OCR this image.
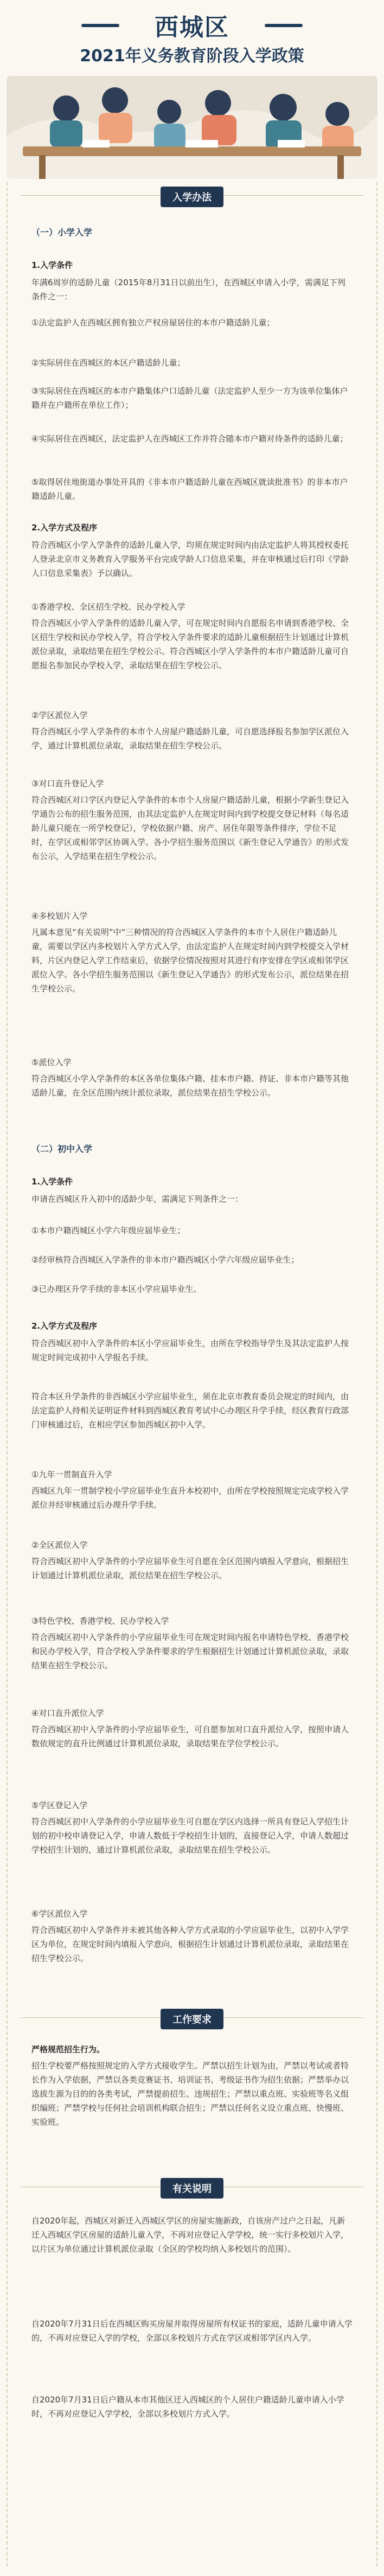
西城区
2021年义务教育阶段入学政策
入学办法
（一）小学入学
1.入学条件
年满6周岁的适龄儿童（2015年8月31日以前出生），在西城区申请入小学，需满足下列条件之一：
①法定监护人在西城区拥有独立产权房屋居住的本市户籍适龄儿童；
②实际居住在西城区的本区户籍适龄儿童；
③实际居住在西城区的本市户籍集体户口适龄儿童（法定监护人至少一方为该单位集体户籍并在户籍所在单位工作）；
④实际居住在西城区，法定监护人在西城区工作并符合随本市户籍对待条件的适龄儿童；
⑤取得居住地街道办事处开具的《非本市户籍适龄儿童在西城区就读批准书》的非本市户籍适龄儿童。
2.入学方式及程序
符合西城区小学入学条件的适龄儿童入学，均须在规定时间内由法定监护人将其授权委托人登录北京市义务教育入学服务平台完成学龄人口信息采集，并在审核通过后打印《学龄人口信息采集表》予以确认。
①香港学校、全区招生学校、民办学校入学
符合西城区小学入学条件的适龄儿童入学，可在规定时间内自愿报名申请到香港学校、全区招生学校和民办学校入学，符合学校入学条件要求的适龄儿童根据招生计划通过计算机派位录取，录取结果在招生学校公示。符合西城区小学入学条件的本市户籍适龄儿童可自愿报名参加民办学校入学，录取结果在招生学校公示。
②学区派位入学
符合西城区小学入学条件的本市个人房屋户籍适龄儿童，可自愿选择报名参加学区派位入学，通过计算机派位录取，录取结果在招生学校公示。
③对口直升登记入学
符合西城区对口学区内登记入学条件的本市个人房屋户籍适龄儿童，根据小学新生登记入学通告公布的招生服务范围，由其法定监护人在规定时间内到学校提交登记材料（每名适龄儿童只能在一所学校登记），学校依据户籍、房产、居住年限等条件排序，学位不足时，在学区或相邻学区协调入学。各小学招生服务范围以《新生登记入学通告》的形式发布公示，入学结果在招生学校公示。
④多校划片入学
凡属本意见“有关说明”中“三种情况的符合西城区入学条件的本市个人居住户籍适龄儿童，需要以学区内多校划片入学方式入学，由法定监护人在规定时间内到学校提交入学材料，片区内登记入学工作结束后，依据学位情况按照对其进行有序安排在学区或相邻学区派位入学。各小学招生服务范围以《新生登记入学通告》的形式发布公示，派位结果在招生学校公示。
⑤派位入学
符合西城区小学入学条件的本区各单位集体户籍、挂本市户籍、持证、非本市户籍等其他适龄儿童，在全区范围内统计派位录取，派位结果在招生学校公示。
（二）初中入学
1.入学条件
申请在西城区升入初中的适龄少年，需满足下列条件之一：
①本市户籍西城区小学六年级应届毕业生；
②经审核符合西城区入学条件的非本市户籍西城区小学六年级应届毕业生；
③已办理区升学手续的非本区小学应届毕业生。
2.入学方式及程序
符合西城区初中入学条件的本区小学应届毕业生，由所在学校指导学生及其法定监护人按规定时间完成初中入学报名手续。
符合本区升学条件的非西城区小学应届毕业生，须在北京市教育委员会规定的时间内，由法定监护人持相关证明证件材料到西城区教育考试中心办理区升学手续，经区教育行政部门审核通过后，在相应学区参加西城区初中入学。
①九年一贯制直升入学
西城区九年一贯制学校小学应届毕业生直升本校初中，由所在学校按照规定完成学校入学派位并经审核通过后办理升学手续。
②全区派位入学
符合西城区初中入学条件的小学应届毕业生可自愿在全区范围内填报入学意向，根据招生计划通过计算机派位录取，派位结果在招生学校公示。
③特色学校、香港学校、民办学校入学
符合西城区初中入学条件的小学应届毕业生可在规定时间内报名申请特色学校、香港学校和民办学校入学，符合学校入学条件要求的学生根据招生计划通过计算机派位录取，录取结果在招生学校公示。
④对口直升派位入学
符合西城区初中入学条件的小学应届毕业生，可自愿参加对口直升派位入学，按照申请人数依规定的直升比例通过计算机派位录取，录取结果在学位学校公示。
⑤学区登记入学
符合西城区初中入学条件的小学应届毕业生可自愿在学区内选择一所具有登记入学招生计划的初中校申请登记入学，申请人数低于学校招生计划的，直接登记入学，申请人数超过学校招生计划的，通过计算机派位录取，录取结果在招生学校公示。
⑥学区派位入学
符合西城区初中入学条件并未被其他各种入学方式录取的小学应届毕业生，以初中入学学区为单位，在规定时间内填报入学意向，根据招生计划通过计算机派位录取，录取结果在招生学校公示。
工作要求
严格规范招生行为。
招生学校要严格按照规定的入学方式接收学生。严禁以招生计划为由，严禁以考试或者特长作为入学依据，严禁以各类竞赛证书、培训证书、考级证书作为招生依据；严禁举办以选拔生源为目的的各类考试，严禁提前招生、违规招生；严禁以重点班、实验班等名义组织编班；严禁学校与任何社会培训机构联合招生；严禁以任何名义设立重点班、快慢班、实验班。
有关说明
自2020年起，西城区对新迁入西城区学区的房屋实施新政，自该房产过户之日起，凡新迁入西城区学区房屋的适龄儿童入学，不再对应登记入学学校，统一实行多校划片入学，以片区为单位通过计算机派位录取（全区的学校均纳入多校划片的范围）。
自2020年7月31日后在西城区购买房屋并取得房屋所有权证书的家庭，适龄儿童申请入学的，不再对应登记入学的学校，全部以多校划片方式在学区或相邻学区内入学。
自2020年7月31日后户籍从本市其他区迁入西城区的个人居住户籍适龄儿童申请入小学时，不再对应登记入学学校，全部以多校划片方式入学。
